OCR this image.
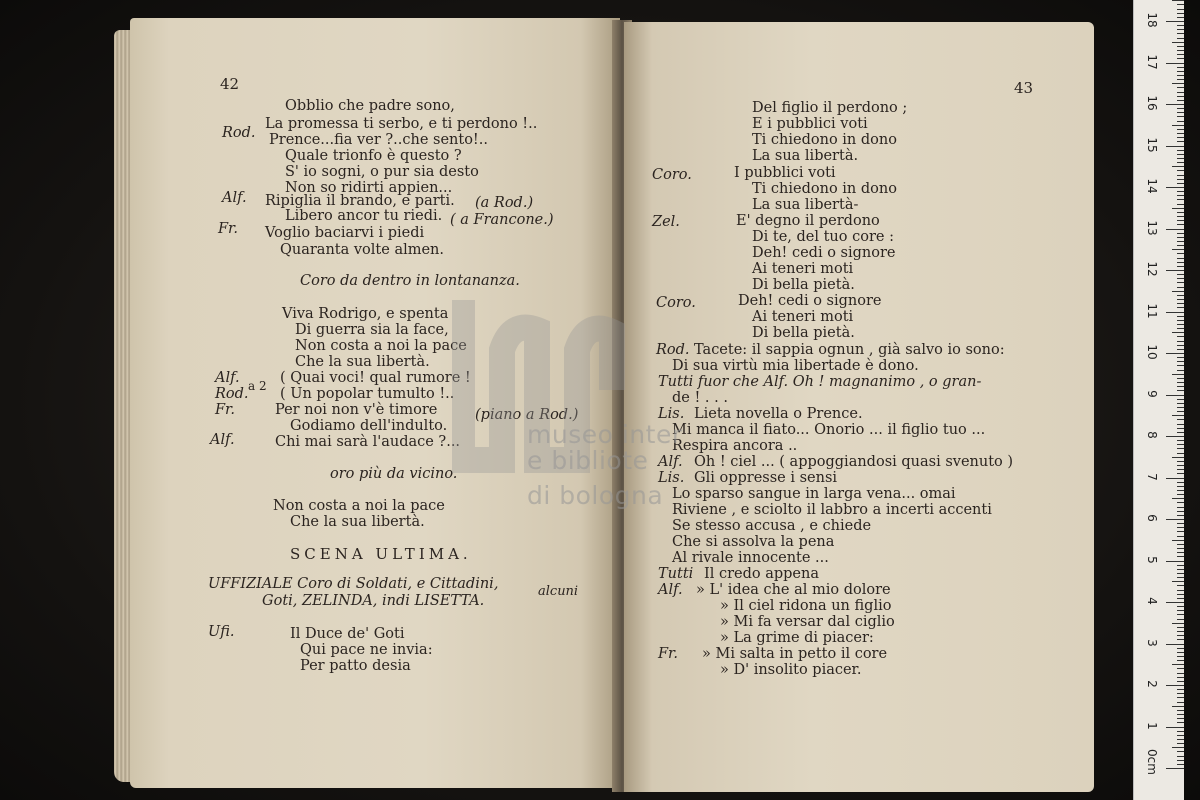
42
Obblio che padre sono,
La promessa ti serbo, e ti perdono !..
Rod. Prence...fia ver ?..che sento!..
Quale trionfo è questo ?
S' io sogni, o pur sia desto
Non so ridirti appien...
Alf. Ripiglia il brando, e parti. (a Rod.)
Libero ancor tu riedi. ( a Francone.)
Fr. Voglio baciarvi i piedi
Quaranta volte almen.
Coro da dentro in lontananza.
Viva Rodrigo, e spenta
Di guerra sia la face,
Non costa a noi la pace
Che la sua libertà.
Alf.	( Quai voci! qual rumore !
a 2
Rod. ( Un popolar tumulto !..
Fr.	Per noi non v'è timore	(piano a Rod.)
Godiamo dell'indulto.
Alf.	Chi mai sarà l'audace ?...
oro più da vicino.
Non costa a noi la pace
Che la sua libertà.
SCENA ULTIMA.
UFFIZIALE Coro di Soldati, e Cittadini,	alcuni
Goti, ZELINDA, indi LISETTA.
Ufi.	Il Duce de' Goti
Qui pace ne invia:
Per patto desia
43
Del figlio il perdono ;
E i pubblici voti
Ti chiedono in dono
La sua libertà.
Coro.	I pubblici voti
Ti chiedono in dono
La sua libertà-
Zel.	E' degno il perdono
Di te, del tuo core :
Deh! cedi o signore
Ai teneri moti
Di bella pietà.
Coro.	Deh! cedi o signore
Ai teneri moti
Di bella pietà.
Rod. Tacete: il sappia ognun , già salvo io sono:
Di sua virtù mia libertade è dono.
Tutti fuor che Alf. Oh ! magnanimo , o gran-
de ! . . .
Lis. Lieta novella o Prence.
Mi manca il fiato... Onorio ... il figlio tuo ...
Respira ancora ..
Alf. Oh ! ciel ... ( appoggiandosi quasi svenuto )
Lis. Gli oppresse i sensi
Lo sparso sangue in larga vena... omai
Riviene , e sciolto il labbro a incerti accenti
Se stesso accusa , e chiede
Che si assolva la pena
Al rivale innocente ...
Tutti Il credo appena
Alf. » L' idea che al mio dolore
» Il ciel ridona un figlio
» Mi fa versar dal ciglio
» La grime di piacer:
Fr. » Mi salta in petto il core
» D' insolito piacer.
museo inter
e bibliote
di bologna
0cm
1
2
3
4
5
6
7
8
9
10
11
12
13
14
15
16
17
18
